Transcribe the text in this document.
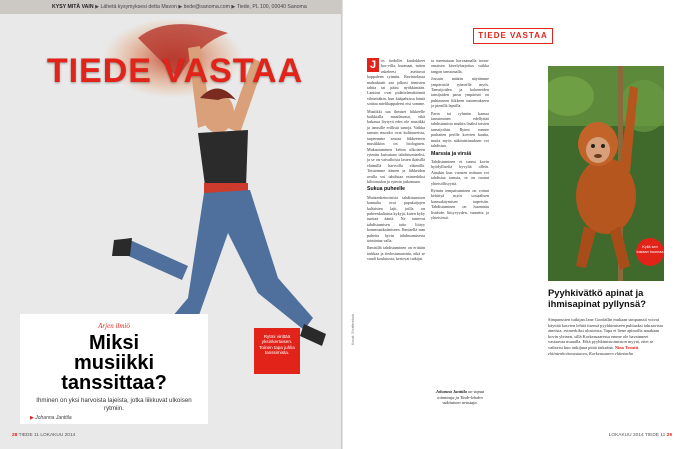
KYSY MITÄ VAIN ▶ Lähetä kysymyksesi detta Mavon ▶ tiede@sanoma.com ▶ Tiede, PL 100, 00040 Sanoma
TIEDE VASTAA
Arjen ilmiö
Miksi
musiikki
tanssittaa?
Ihminen on yksi harvoista lajeista, jotka liikkuvat ulkoisen rytmiin.
▶ Johanna Janttila
Rytmi virittää yksinkertaisen. Toinen tapa juhlia tanssimista.
28 TIEDE 11 LOKAKUU 2014
TIEDE VASTAA
J	os tiedollet kuulokkeet kor-villa, huomaat, miten askeleesi asettuvat kappaleen rytmiin. Ravintolassa mahaduutit saa jalkasi tömisten tahtia tai pääsi nyökkimään. Lantiosi ovat pidättelemättömät vilmeitäkin, kun kääpahtissa häntä soittaa mielikappaleesi etsi somme.

Musiikki saa ihmiset liikkeelle kaikkialla maailmassa, eikä kukassa löytyvä edes ole musiikki ja tanssille erillistä sanoja. Vaikka tanssin muodot ovat kulttuureista, tarpeemme seuraa liikkeeseen musiikkiin on biologinen. Mukautuminen kehon ulkoiseen rytmiin kutsutaan tahdistumiseksi, ja se on vaivalloista lasten ikäisillä eläimillä harvoilla eläimillä. Toistemme äänten ja liikkeiden avulla voi tahdistaa esimerkiksi kilttomalon ja rytmin jatkamaan.

Sukua puheelle

Muistenkeinoisista tahdistumisen kannalta ovat papukaijojen kaltaisten lajit, joilla on puheenkaltaista kykyjä, kuten kyky tuottaa ääniä. Ne tuntevat tahdistumisen taito liittyy kommunikoimiseen. Ihmisellä mm puhetta hyvin tahdistumisesta toimintaa valla.

Ihmisillä tahdistuminen on erittäin tarkkaa ja tiedostamatonta, eikä se vaadi koulutusta, kertovat tutkijat.

ta meenataan horvaamalla tavan-omaisen kävelyharjoitus vaikka tangon tanssimalla.

Jossain määrin näytämme ympäristöä rytmeille myös. Tanssijoiden ja kokeneiden tansijoiden paras ympäristö on puhtaaseen liikkeen tuntemukseen jo pienillä lapsilla.

Parin tai ryhmän kanssa tanssiminen edellyttää tahdistumista muihin lisäksi toisten tanssijoihin. Rytmi menee parhaiten perille korvien kautta, mutta myös näköaistimuksen voi tahdistua.

Marssia ja virsiä

Tahdistuminen ei tunnu kovin hyödylliseltä kyvyltä ollein. Ainakin kun vuosien mittaan voi tahdistaa tanssia, se on tuonut yhteisöllisyyttä.

Rytmin tempaisuminen on voinut kehittyä myös sosiaalisen kanssakäymisen tarpeisiin. Tahdistuminen on huomattu lisäävän liittyvyyden, tunnetta ja yhteisössä.

Johanna Janttila on vapaa toimittaja ja Tiede-lehden vakituinen avustaja.
Kuvat: Shutterstock
Kyllä sen tosiaan huomaa
Pyyhkivätkö apinat ja ihmisapinat pyllynsä?
Simpanssien tutkijan Jane Goodallin mukaan simpanssit voivat käyttää kasvien lehtiä itsensä pyyhkimiseen puhtaaksi tahraavista aineista, esimerkiksi ulosteista. Tapa ei liene apinoilla amakaan kovin yleinen, sillä Korkeasaaressa emme ole havainneet vastaavaa muualla. Eikä pyyhkimistoimiston myytä, ettei se vaihteisi kun tutkijana pitää tärkeänä. Nina Trontti, eläintenhoitovastaava, Korkeasaaren eläintarha
LOKAKUU 2014 TIEDE 11 29
